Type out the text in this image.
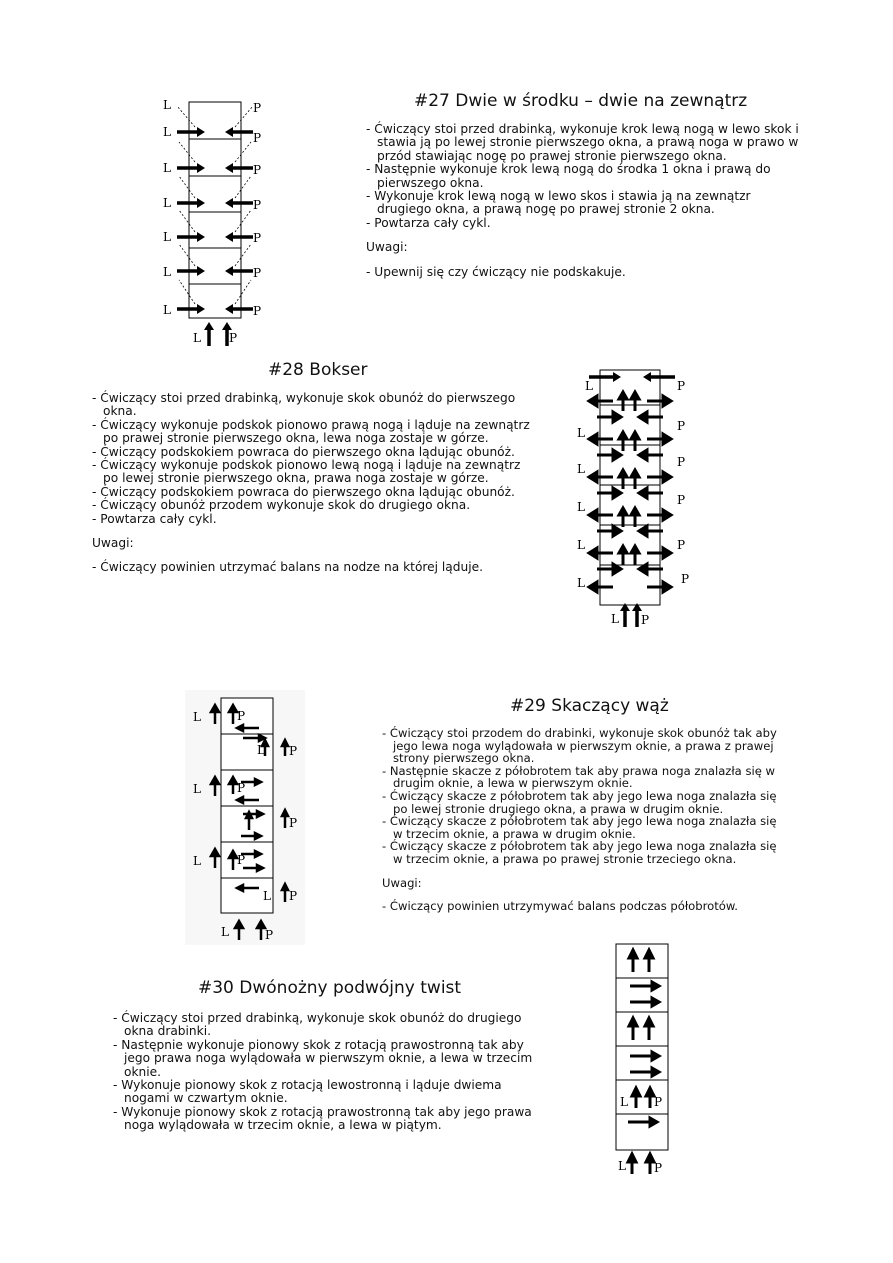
#27 Dwie w środku – dwie na zewnątrz
- Ćwiczący stoi przed drabinką, wykonuje krok lewą nogą w lewo skok i stawia ją po lewej stronie pierwszego okna, a prawą noga w prawo w przód stawiając nogę po prawej stronie pierwszego okna.
- Następnie wykonuje krok lewą nogą do środka 1 okna i prawą do pierwszego okna.
- Wykonuje krok lewą nogą w lewo skos i stawia ją na zewnątzr drugiego okna, a prawą nogę po prawej stronie 2 okna.
- Powtarza cały cykl.
Uwagi:
- Upewnij się czy ćwiczący nie podskakuje.
L	P
L	P
L	P
L	P
L	P
L	P
L	P
L P
#28 Bokser
- Ćwiczący stoi przed drabinką, wykonuje skok obunóż do pierwszego okna.
- Ćwiczący wykonuje podskok pionowo prawą nogą i ląduje na zewnątrz po prawej stronie pierwszego okna, lewa noga zostaje w górze.
- Ćwiczący podskokiem powraca do pierwszego okna lądując obunóż.
- Ćwiczący wykonuje podskok pionowo lewą nogą i ląduje na zewnątrz po lewej stronie pierwszego okna, prawa noga zostaje w górze.
- Ćwiczący podskokiem powraca do pierwszego okna lądując obunóż.
- Ćwiczący obunóż przodem wykonuje skok do drugiego okna.
- Powtarza cały cykl.
Uwagi:
- Ćwiczący powinien utrzymać balans na nodze na której ląduje.
L	P
L	P
L	P
L	P
L	P
L	P
L P
#29 Skaczący wąż
- Ćwiczący stoi przodem do drabinki, wykonuje skok obunóż tak aby jego lewa noga wylądowała w pierwszym oknie, a prawa z prawej strony pierwszego okna.
- Następnie skacze z półobrotem tak aby prawa noga znalazła się w drugim oknie, a lewa w pierwszym oknie.
- Ćwiczący skacze z półobrotem tak aby jego lewa noga znalazła się po lewej stronie drugiego okna, a prawa w drugim oknie.
- Ćwiczący skacze z półobrotem tak aby jego lewa noga znalazła się w trzecim oknie, a prawa w drugim oknie.
- Ćwiczący skacze z półobrotem tak aby jego lewa noga znalazła się w trzecim oknie, a prawa po prawej stronie trzeciego okna.
Uwagi:
- Ćwiczący powinien utrzymywać balans podczas półobrotów.
L	P
L P
L	P
P
L	P
L P
L	P
#30 Dwónożny podwójny twist
- Ćwiczący stoi przed drabinką, wykonuje skok obunóż do drugiego okna drabinki.
- Następnie wykonuje pionowy skok z rotacją prawostronną tak aby jego prawa noga wylądowała w pierwszym oknie, a lewa w trzecim oknie.
- Wykonuje pionowy skok z rotacją lewostronną i ląduje dwiema nogami w czwartym oknie.
- Wykonuje pionowy skok z rotacją prawostronną tak aby jego prawa noga wylądowała w trzecim oknie, a lewa w piątym.
L P
L P
